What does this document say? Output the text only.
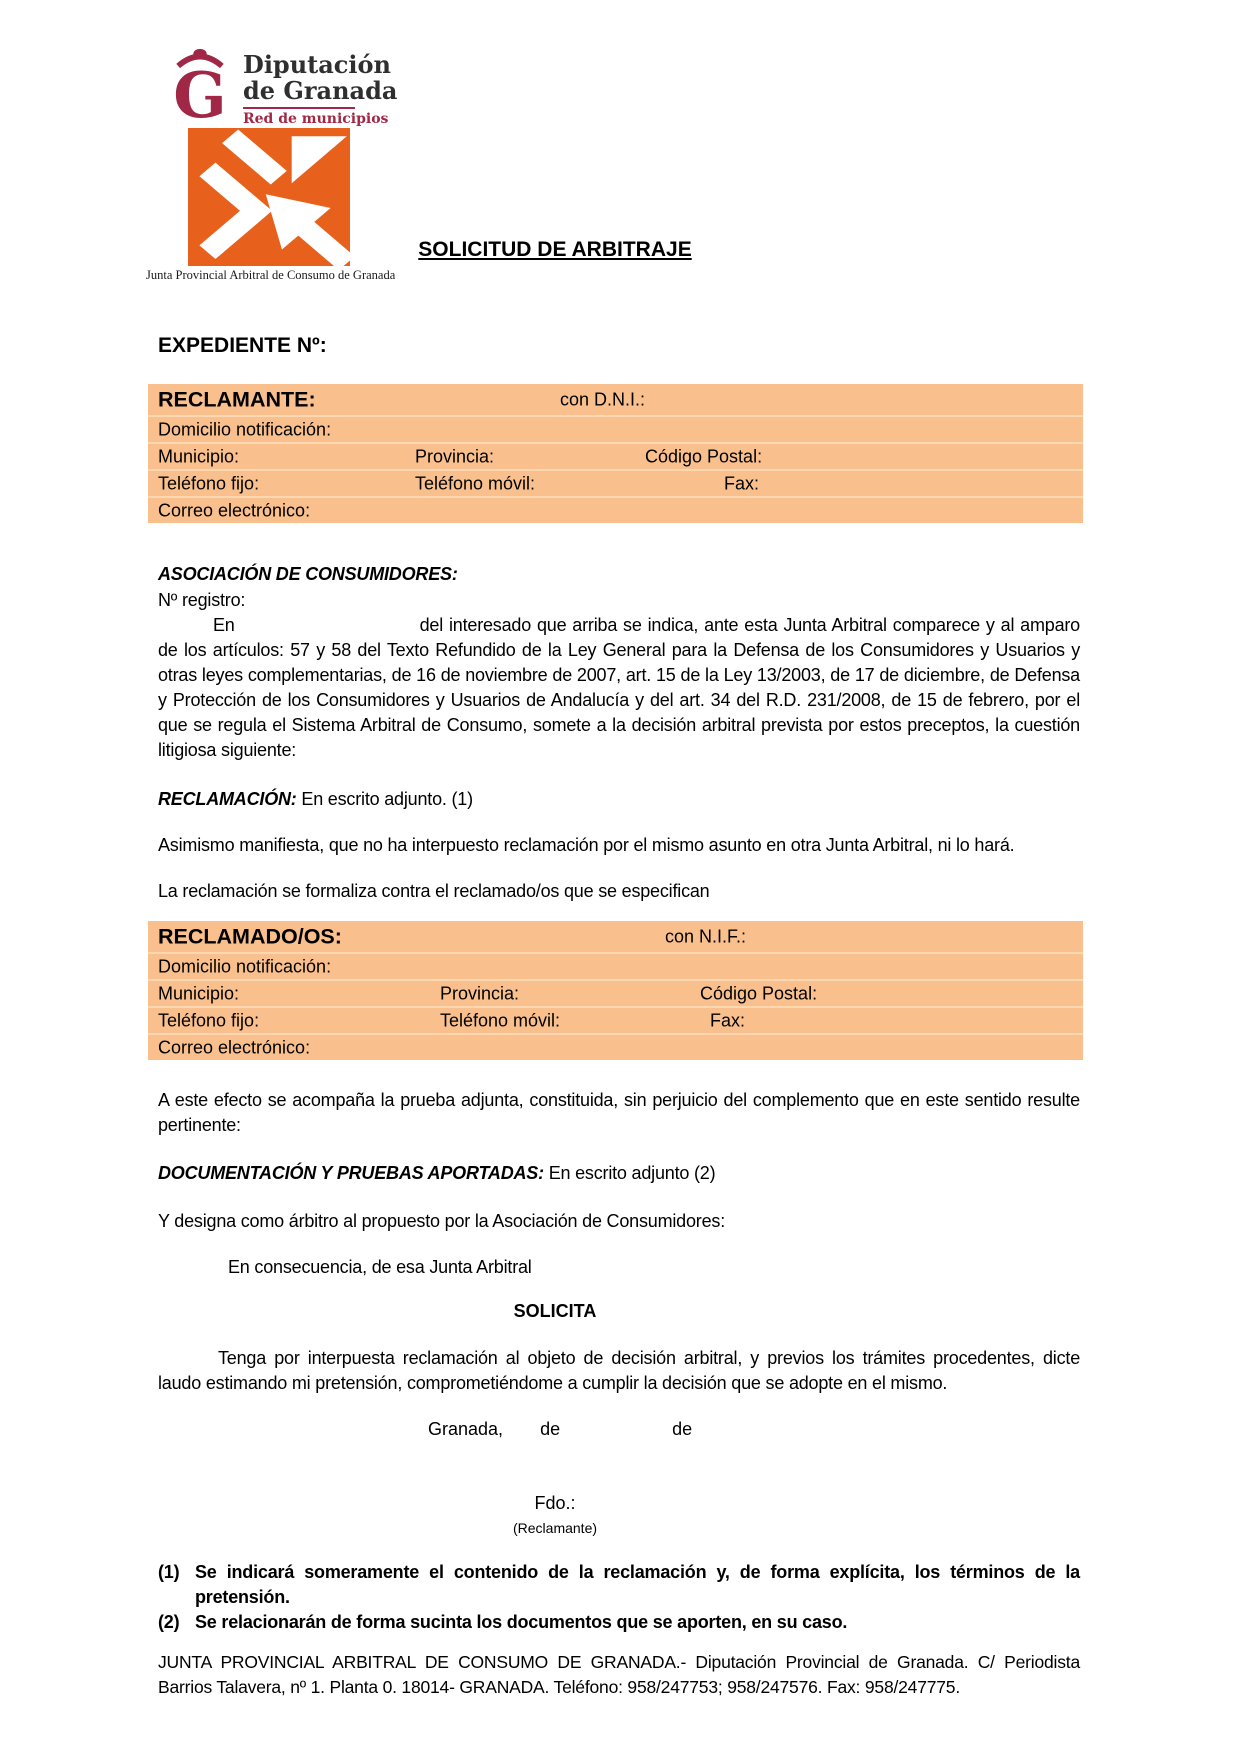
G Diputación
de Granada
Red de municipios
Junta Provincial Arbitral de Consumo de Granada
SOLICITUD DE ARBITRAJE
EXPEDIENTE Nº:
RECLAMANTE:	con D.N.I.:
Domicilio notificación:
Municipio:	Provincia:	Código Postal:
Teléfono fijo:	Teléfono móvil:	Fax:
Correo electrónico:
ASOCIACIÓN DE CONSUMIDORES:
Nº registro:

En	del interesado que arriba se indica, ante esta Junta Arbitral comparece y al amparo de los artículos: 57 y 58 del Texto Refundido de la Ley General para la Defensa de los Consumidores y Usuarios y otras leyes complementarias, de 16 de noviembre de 2007, art. 15 de la Ley 13/2003, de 17 de diciembre, de Defensa y Protección de los Consumidores y Usuarios de Andalucía y del art. 34 del R.D. 231/2008, de 15 de febrero, por el que se regula el Sistema Arbitral de Consumo, somete a la decisión arbitral prevista por estos preceptos, la cuestión litigiosa siguiente:

RECLAMACIÓN: En escrito adjunto. (1)

Asimismo manifiesta, que no ha interpuesto reclamación por el mismo asunto en otra Junta Arbitral, ni lo hará.

La reclamación se formaliza contra el reclamado/os que se especifican

RECLAMADO/OS:	con N.I.F.:
Domicilio notificación:
Municipio:	Provincia:	Código Postal:
Teléfono fijo:	Teléfono móvil:	Fax:
Correo electrónico:

A este efecto se acompaña la prueba adjunta, constituida, sin perjuicio del complemento que en este sentido resulte pertinente:

DOCUMENTACIÓN Y PRUEBAS APORTADAS: En escrito adjunto (2)

Y designa como árbitro al propuesto por la Asociación de Consumidores:

En consecuencia, de esa Junta Arbitral

SOLICITA

Tenga por interpuesta reclamación al objeto de decisión arbitral, y previos los trámites procedentes, dicte laudo estimando mi pretensión, comprometiéndome a cumplir la decisión que se adopte en el mismo.

Granada, de	de
Fdo.:
(Reclamante)
(1) Se indicará someramente el contenido de la reclamación y, de forma explícita, los términos de la pretensión.
(2) Se relacionarán de forma sucinta los documentos que se aporten, en su caso.
JUNTA PROVINCIAL ARBITRAL DE CONSUMO DE GRANADA.- Diputación Provincial de Granada. C/ Periodista Barrios Talavera, nº 1. Planta 0. 18014- GRANADA. Teléfono: 958/247753; 958/247576. Fax: 958/247775.
